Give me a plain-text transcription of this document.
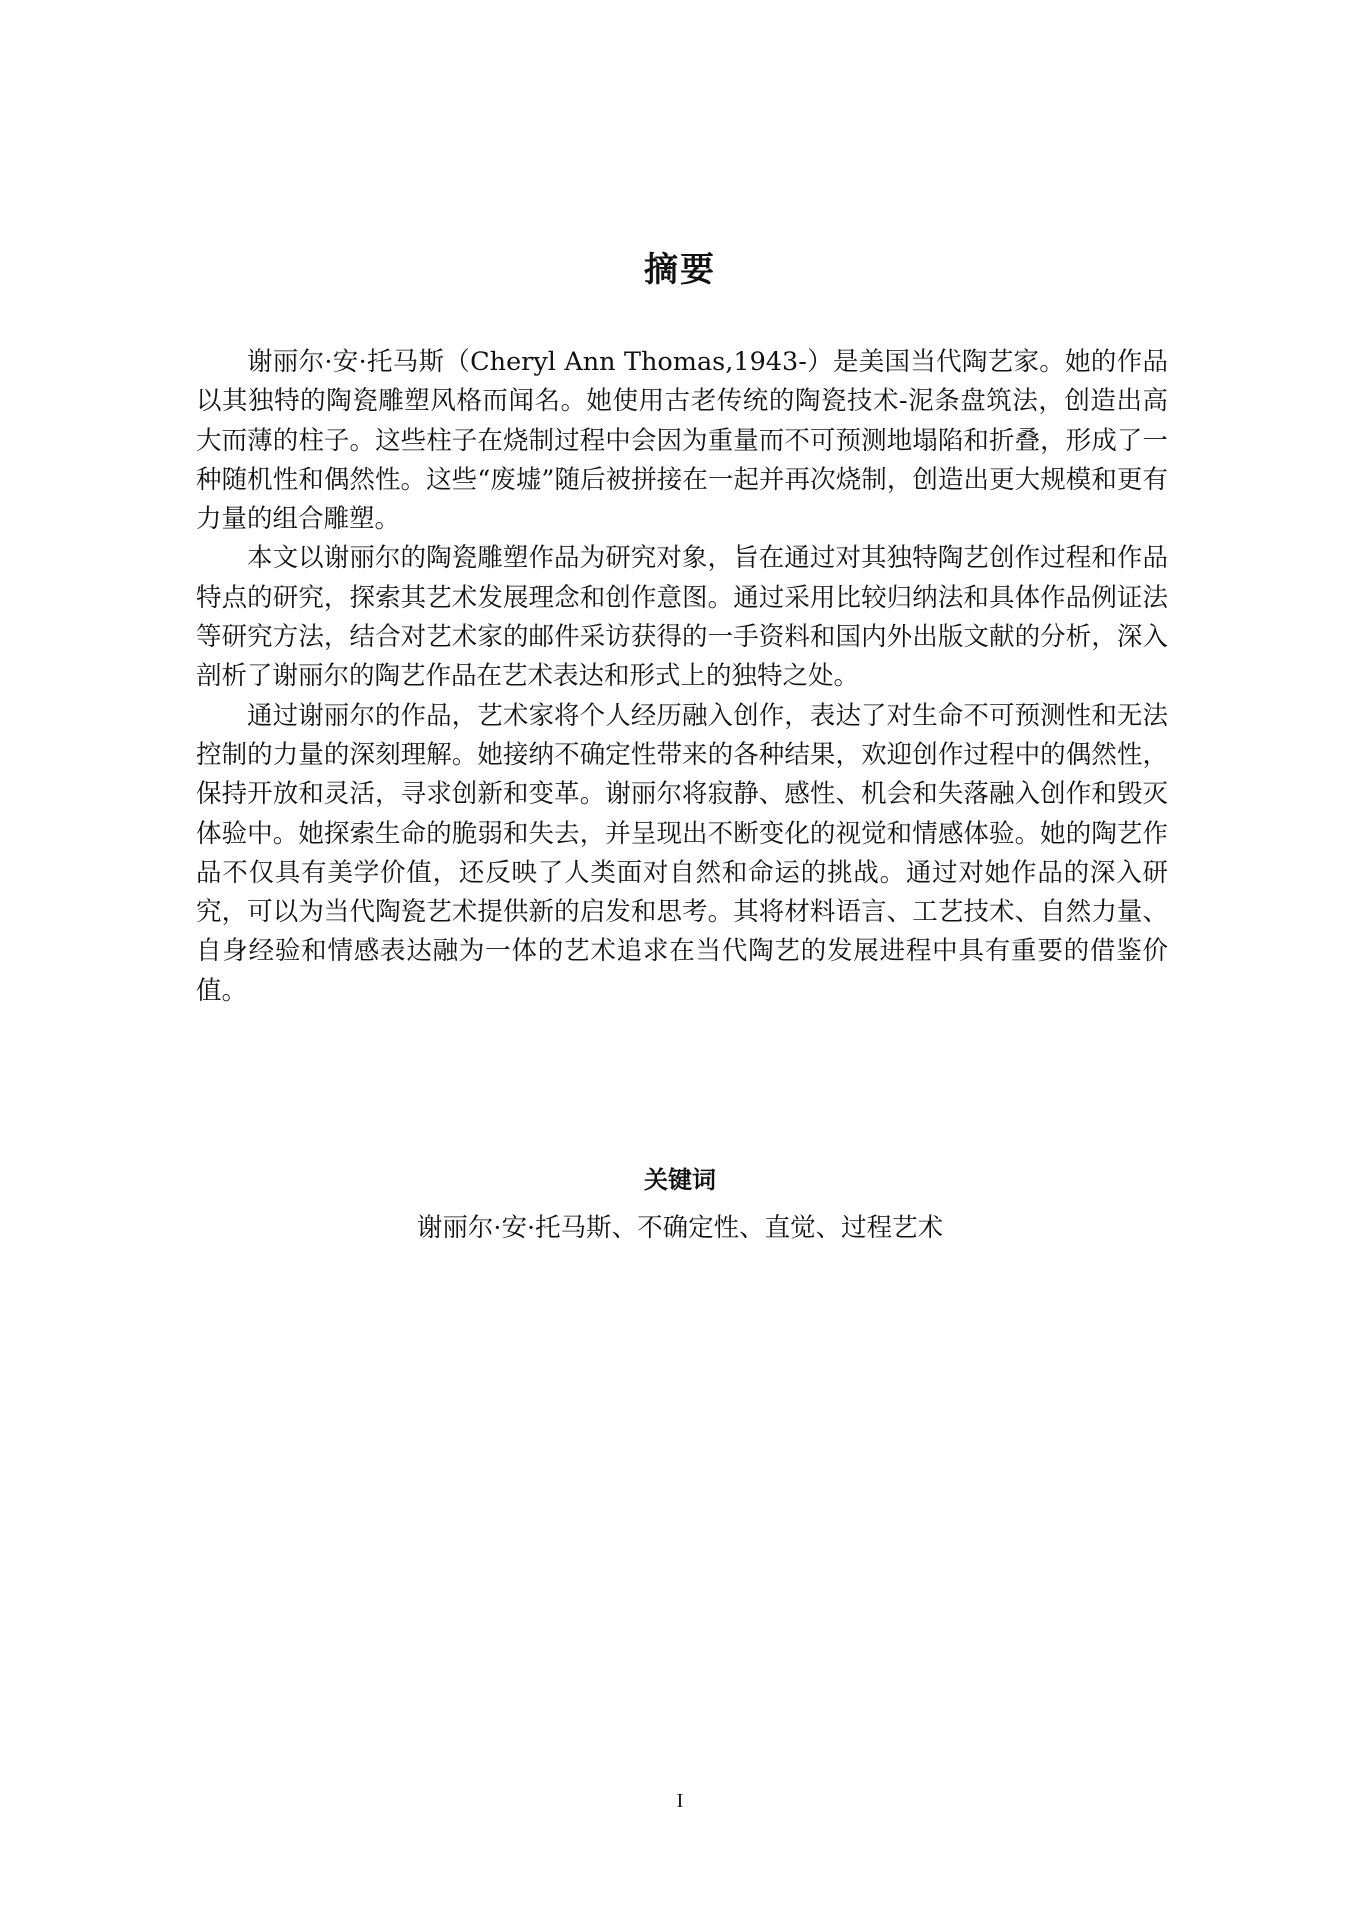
摘要

谢丽尔·安·托马斯（Cheryl Ann Thomas,1943-）是美国当代陶艺家。她的作品以其独特的陶瓷雕塑风格而闻名。她使用古老传统的陶瓷技术-泥条盘筑法，创造出高大而薄的柱子。这些柱子在烧制过程中会因为重量而不可预测地塌陷和折叠，形成了一种随机性和偶然性。这些“废墟”随后被拼接在一起并再次烧制，创造出更大规模和更有力量的组合雕塑。

本文以谢丽尔的陶瓷雕塑作品为研究对象，旨在通过对其独特陶艺创作过程和作品特点的研究，探索其艺术发展理念和创作意图。通过采用比较归纳法和具体作品例证法等研究方法，结合对艺术家的邮件采访获得的一手资料和国内外出版文献的分析，深入剖析了谢丽尔的陶艺作品在艺术表达和形式上的独特之处。

通过谢丽尔的作品，艺术家将个人经历融入创作，表达了对生命不可预测性和无法控制的力量的深刻理解。她接纳不确定性带来的各种结果，欢迎创作过程中的偶然性，保持开放和灵活，寻求创新和变革。谢丽尔将寂静、感性、机会和失落融入创作和毁灭体验中。她探索生命的脆弱和失去，并呈现出不断变化的视觉和情感体验。她的陶艺作品不仅具有美学价值，还反映了人类面对自然和命运的挑战。通过对她作品的深入研究，可以为当代陶瓷艺术提供新的启发和思考。其将材料语言、工艺技术、自然力量、自身经验和情感表达融为一体的艺术追求在当代陶艺的发展进程中具有重要的借鉴价值。

关键词
谢丽尔·安·托马斯、不确定性、直觉、过程艺术
I
